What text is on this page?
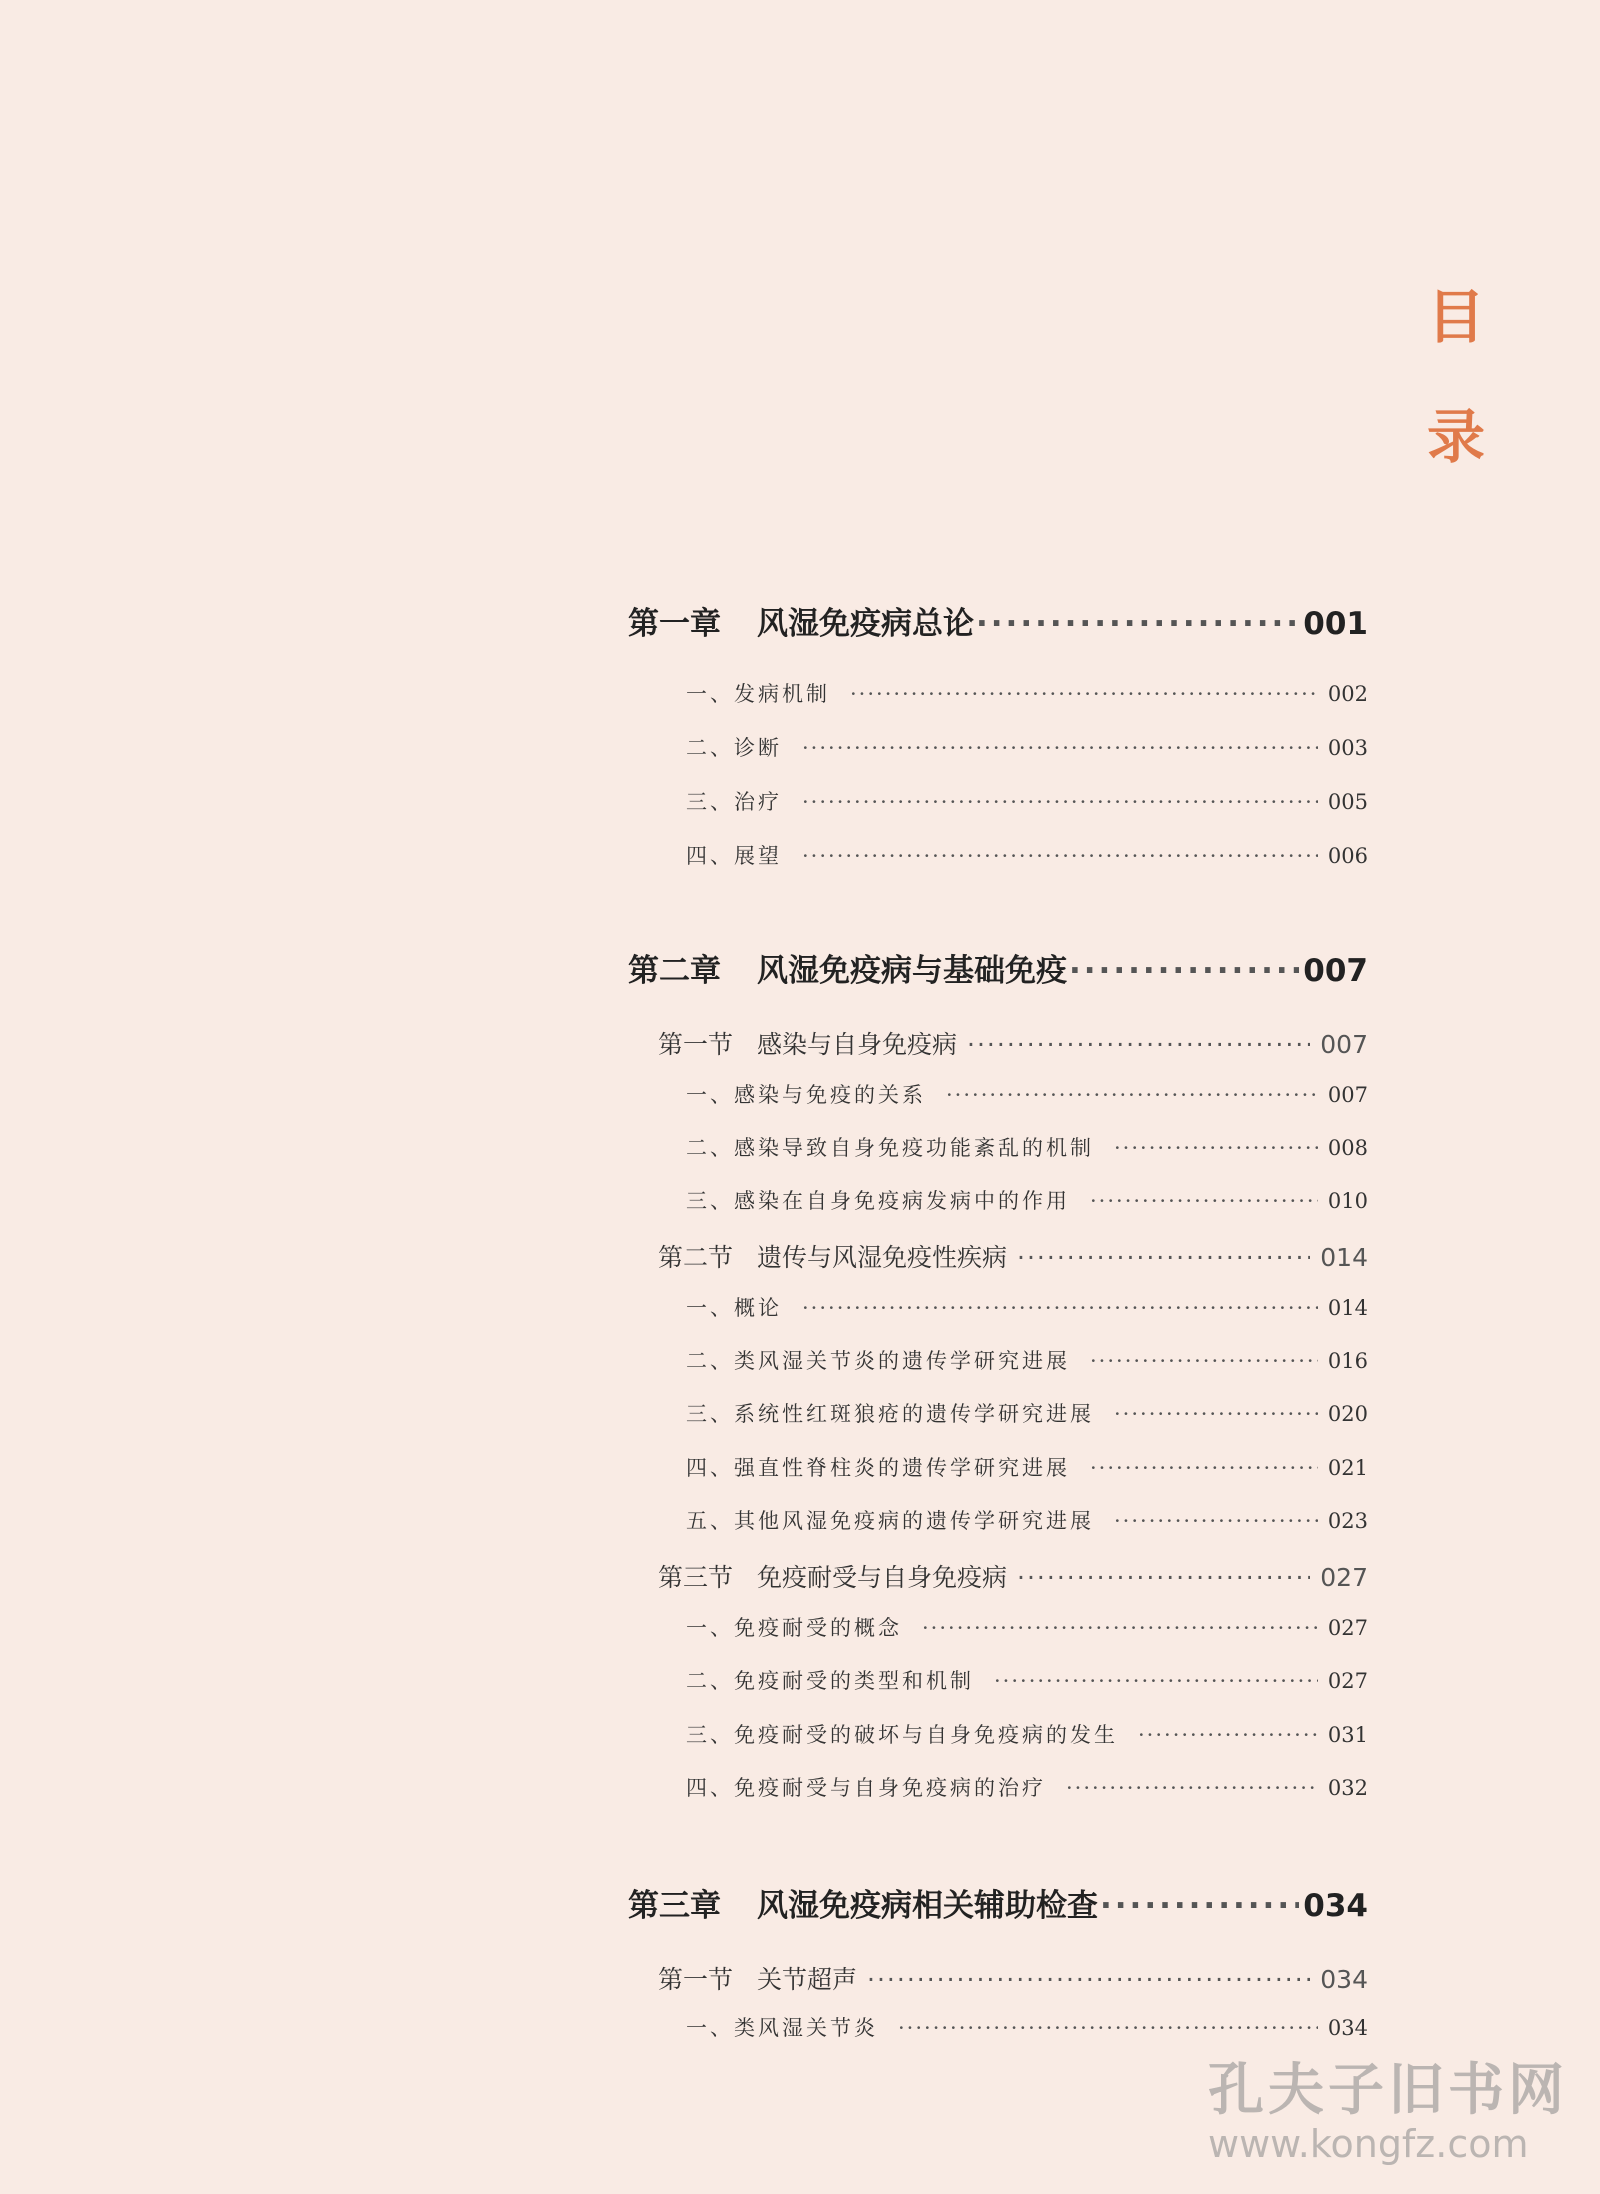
目
录
第一章 风湿免疫病总论 ·····	001
一、发病机制 ·····	002
二、诊断 ·····	003
三、治疗 ·····	005
四、展望 ·····	006
第二章 风湿免疫病与基础免疫 ·····	007
第一节 感染与自身免疫病 ·····	007
一、感染与免疫的关系 ·····	007
二、感染导致自身免疫功能紊乱的机制 ·····	008
三、感染在自身免疫病发病中的作用 ·····	010
第二节 遗传与风湿免疫性疾病 ·····	014
一、概论 ·····	014
二、类风湿关节炎的遗传学研究进展 ·····	016
三、系统性红斑狼疮的遗传学研究进展 ·····	020
四、强直性脊柱炎的遗传学研究进展 ·····	021
五、其他风湿免疫病的遗传学研究进展 ·····	023
第三节 免疫耐受与自身免疫病 ·····	027
一、免疫耐受的概念 ·····	027
二、免疫耐受的类型和机制 ·····	027
三、免疫耐受的破坏与自身免疫病的发生 ·····	031
四、免疫耐受与自身免疫病的治疗 ·····	032
第三章 风湿免疫病相关辅助检查 ·····	034
第一节 关节超声 ·····	034
一、类风湿关节炎 ·····	034
孔夫子旧书网
www.kongfz.com
